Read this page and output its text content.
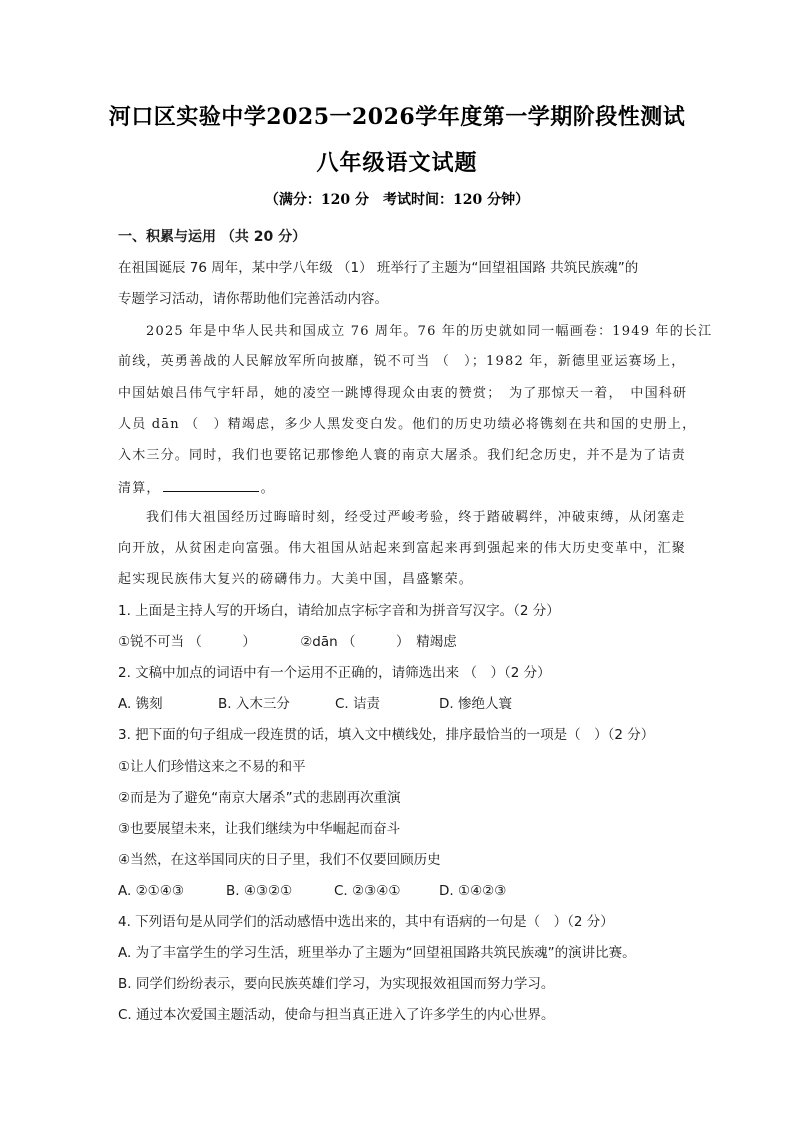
河口区实验中学2025一2026学年度第一学期阶段性测试
八年级语文试题
（满分：120 分　考试时间：120 分钟）
一、积累与运用 （共 20 分）
在祖国诞辰 76 周年，某中学八年级 （1） 班举行了主题为“回望祖国路 共筑民族魂”的
专题学习活动，请你帮助他们完善活动内容。
2025 年是中华人民共和国成立 76 周年。76 年的历史就如同一幅画卷：1949 年的长江
前线，英勇善战的人民解放军所向披靡，锐不可当 （　）；1982 年，新德里亚运赛场上，
中国姑娘吕伟气宇轩昂，她的凌空一跳博得现众由衷的赞赏；　为了那惊天一着，　中国科研
人员 dān （　）精竭虑，多少人黑发变白发。他们的历史功绩必将镌刻在共和国的史册上，
入木三分。同时，我们也要铭记那惨绝人寰的南京大屠杀。我们纪念历史，并不是为了诘责
清算，	。
我们伟大祖国经历过晦暗时刻，经受过严峻考验，终于踏破羁绊，冲破束缚，从闭塞走
向开放，从贫困走向富强。伟大祖国从站起来到富起来再到强起来的伟大历史变革中，汇聚
起实现民族伟大复兴的磅礴伟力。大美中国，昌盛繁荣。
1. 上面是主持人写的开场白，请给加点字标字音和为拼音写汉字。（2 分）
①锐不可当 （　　　）	②dān （　　　）　精竭虑
2. 文稿中加点的词语中有一个运用不正确的，请筛选出来 （　）（2 分）
A. 镌刻	B. 入木三分	C. 诘责	D. 惨绝人寰
3. 把下面的句子组成一段连贯的话，填入文中横线处，排序最恰当的一项是（　）（2 分）
①让人们珍惜这来之不易的和平
②而是为了避免“南京大屠杀”式的悲剧再次重演
③也要展望未来，让我们继续为中华崛起而奋斗
④当然，在这举国同庆的日子里，我们不仅要回顾历史
A. ②①④③	B. ④③②①	C. ②③④①	D. ①④②③
4. 下列语句是从同学们的活动感悟中选出来的，其中有语病的一句是（　）（2 分）
A. 为了丰富学生的学习生活，班里举办了主题为“回望祖国路共筑民族魂”的演讲比赛。
B. 同学们纷纷表示，要向民族英雄们学习，为实现报效祖国而努力学习。
C. 通过本次爱国主题活动，使命与担当真正进入了许多学生的内心世界。
